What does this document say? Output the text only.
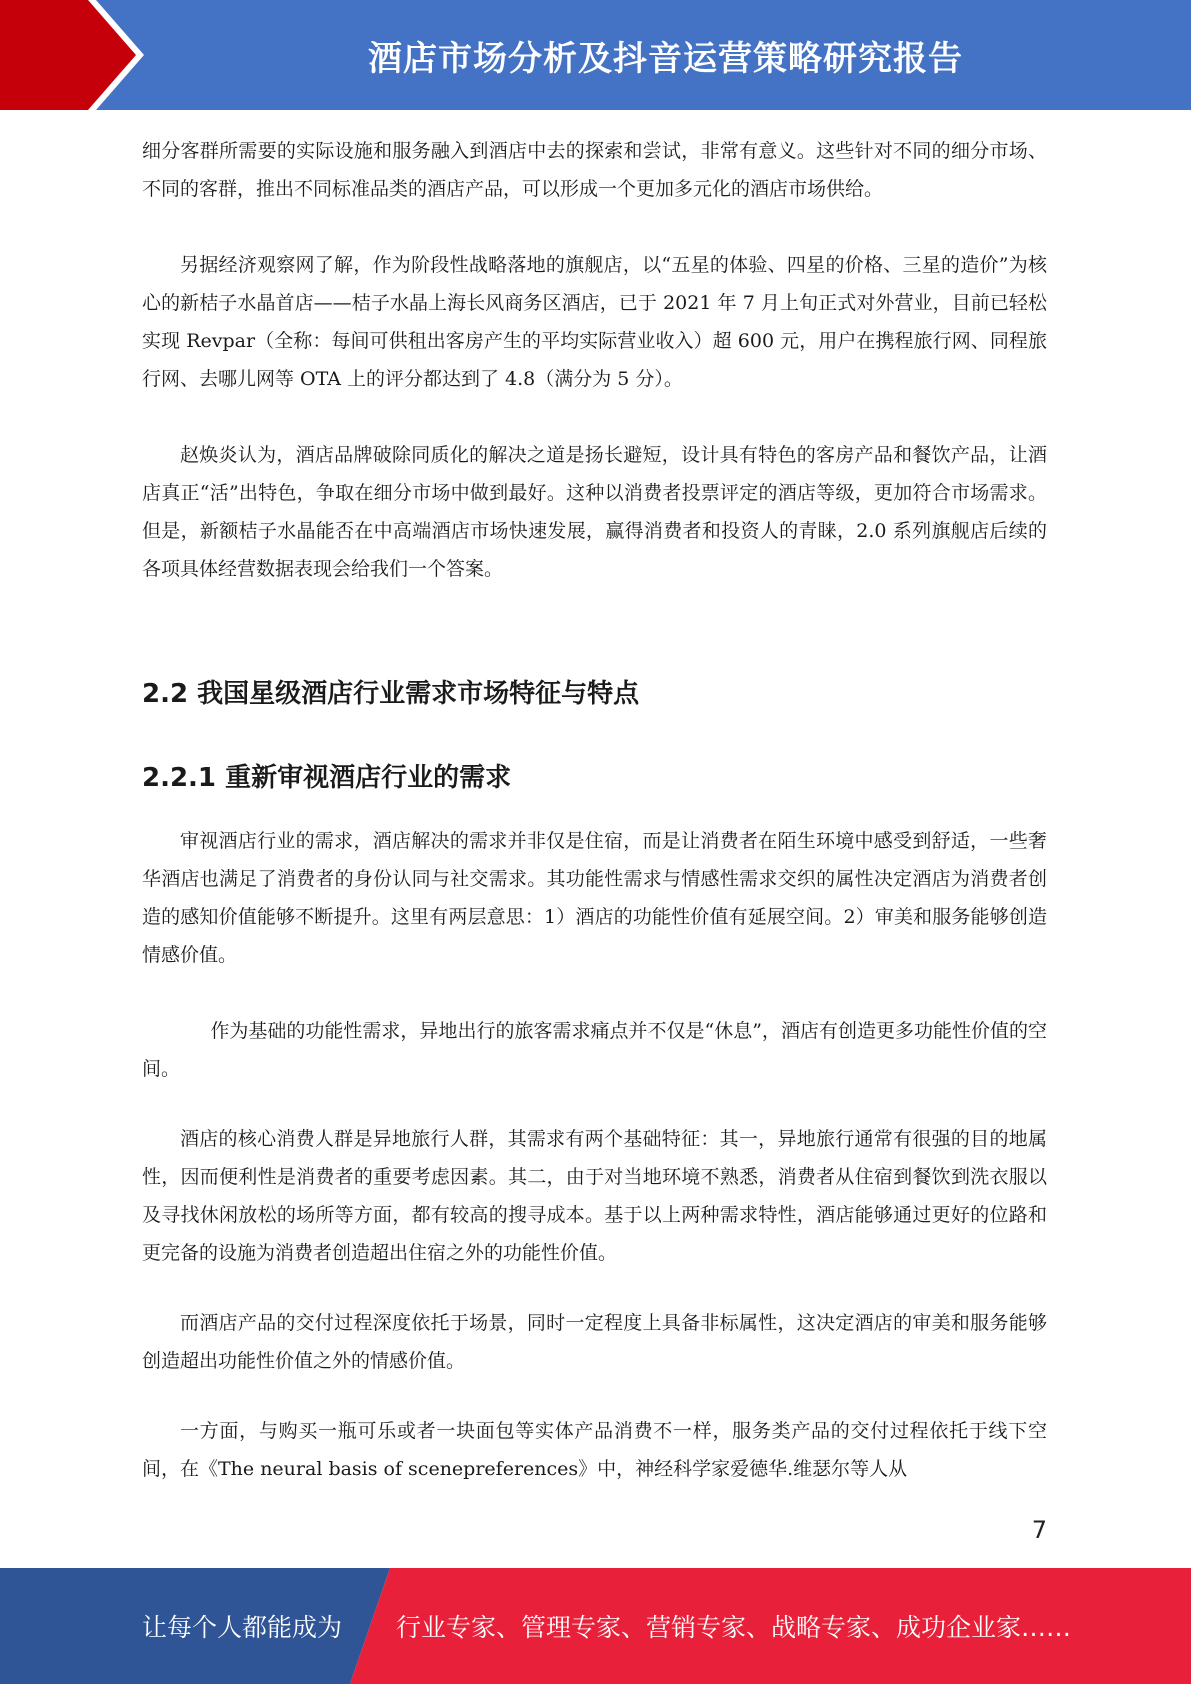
酒店市场分析及抖音运营策略研究报告

细分客群所需要的实际设施和服务融入到酒店中去的探索和尝试，非常有意义。这些针对不同的细分市场、不同的客群，推出不同标准品类的酒店产品，可以形成一个更加多元化的酒店市场供给。

另据经济观察网了解，作为阶段性战略落地的旗舰店，以“五星的体验、四星的价格、三星的造价”为核心的新桔子水晶首店——桔子水晶上海长风商务区酒店，已于 2021 年 7 月上旬正式对外营业，目前已轻松实现 Revpar（全称：每间可供租出客房产生的平均实际营业收入）超 600 元，用户在携程旅行网、同程旅行网、去哪儿网等 OTA 上的评分都达到了 4.8（满分为 5 分）。

赵焕炎认为，酒店品牌破除同质化的解决之道是扬长避短，设计具有特色的客房产品和餐饮产品，让酒店真正“活”出特色，争取在细分市场中做到最好。这种以消费者投票评定的酒店等级，更加符合市场需求。但是，新额桔子水晶能否在中高端酒店市场快速发展，赢得消费者和投资人的青睐，2.0 系列旗舰店后续的各项具体经营数据表现会给我们一个答案。

2.2 我国星级酒店行业需求市场特征与特点
2.2.1 重新审视酒店行业的需求

审视酒店行业的需求，酒店解决的需求并非仅是住宿，而是让消费者在陌生环境中感受到舒适，一些奢华酒店也满足了消费者的身份认同与社交需求。其功能性需求与情感性需求交织的属性决定酒店为消费者创造的感知价值能够不断提升。这里有两层意思：1）酒店的功能性价值有延展空间。2）审美和服务能够创造情感价值。

作为基础的功能性需求，异地出行的旅客需求痛点并不仅是“休息”，酒店有创造更多功能性价值的空间。

酒店的核心消费人群是异地旅行人群，其需求有两个基础特征：其一，异地旅行通常有很强的目的地属性，因而便利性是消费者的重要考虑因素。其二，由于对当地环境不熟悉，消费者从住宿到餐饮到洗衣服以及寻找休闲放松的场所等方面，都有较高的搜寻成本。基于以上两种需求特性，酒店能够通过更好的位路和更完备的设施为消费者创造超出住宿之外的功能性价值。

而酒店产品的交付过程深度依托于场景，同时一定程度上具备非标属性，这决定酒店的审美和服务能够创造超出功能性价值之外的情感价值。

一方面，与购买一瓶可乐或者一块面包等实体产品消费不一样，服务类产品的交付过程依托于线下空间，在《The neural basis of scenepreferences》中，神经科学家爱德华.维瑟尔等人从

7
让每个人都能成为 行业专家、管理专家、营销专家、战略专家、成功企业家……
